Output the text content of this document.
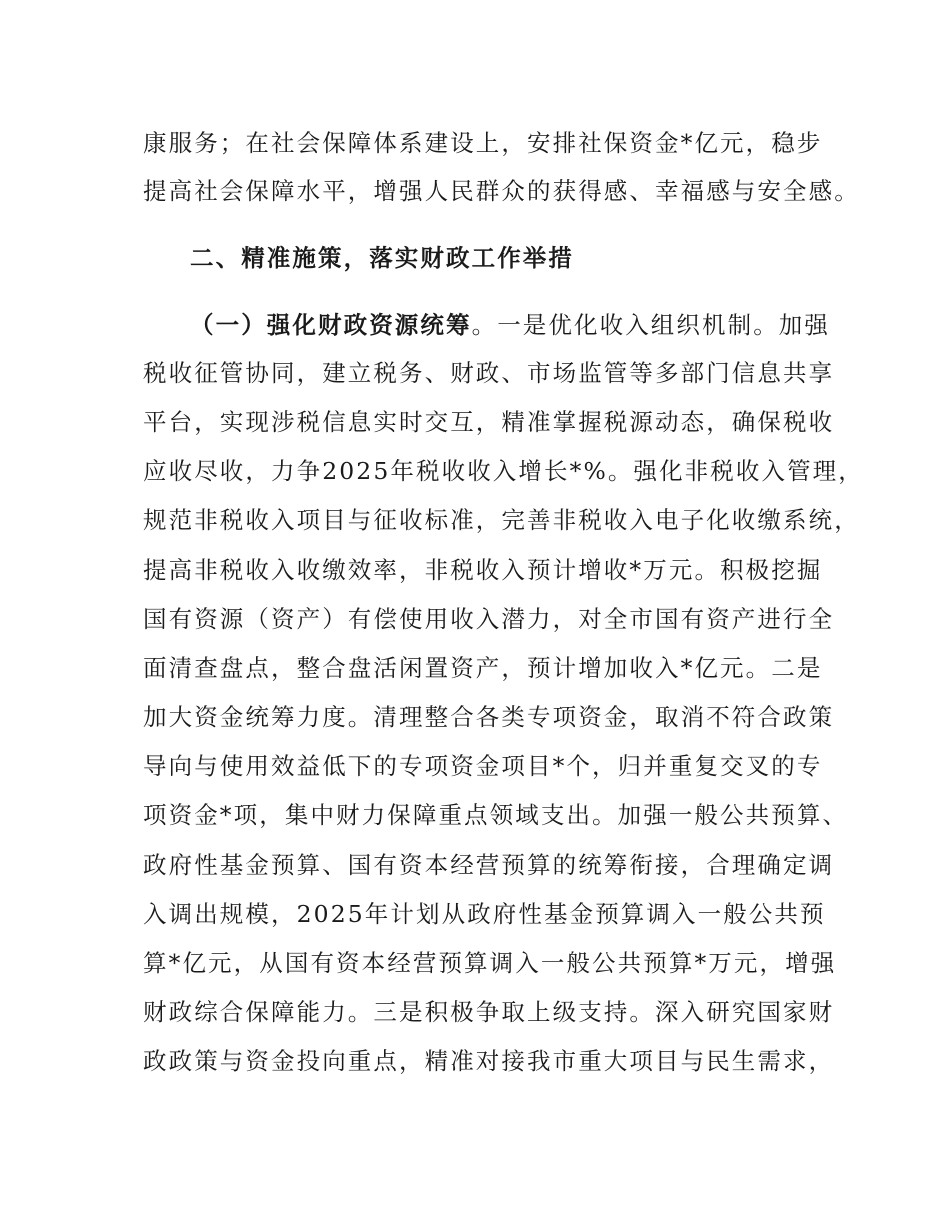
康服务；在社会保障体系建设上，安排社保资金*亿元，稳步
提高社会保障水平，增强人民群众的获得感、幸福感与安全感。
二、精准施策，落实财政工作举措
（一）强化财政资源统筹。一是优化收入组织机制。加强
税收征管协同，建立税务、财政、市场监管等多部门信息共享
平台，实现涉税信息实时交互，精准掌握税源动态，确保税收
应收尽收，力争2025年税收收入增长*%。强化非税收入管理，
规范非税收入项目与征收标准，完善非税收入电子化收缴系统，
提高非税收入收缴效率，非税收入预计增收*万元。积极挖掘
国有资源（资产）有偿使用收入潜力，对全市国有资产进行全
面清查盘点，整合盘活闲置资产，预计增加收入*亿元。二是
加大资金统筹力度。清理整合各类专项资金，取消不符合政策
导向与使用效益低下的专项资金项目*个，归并重复交叉的专
项资金*项，集中财力保障重点领域支出。加强一般公共预算、
政府性基金预算、国有资本经营预算的统筹衔接，合理确定调
入调出规模，2025年计划从政府性基金预算调入一般公共预
算*亿元，从国有资本经营预算调入一般公共预算*万元，增强
财政综合保障能力。三是积极争取上级支持。深入研究国家财
政政策与资金投向重点，精准对接我市重大项目与民生需求，
